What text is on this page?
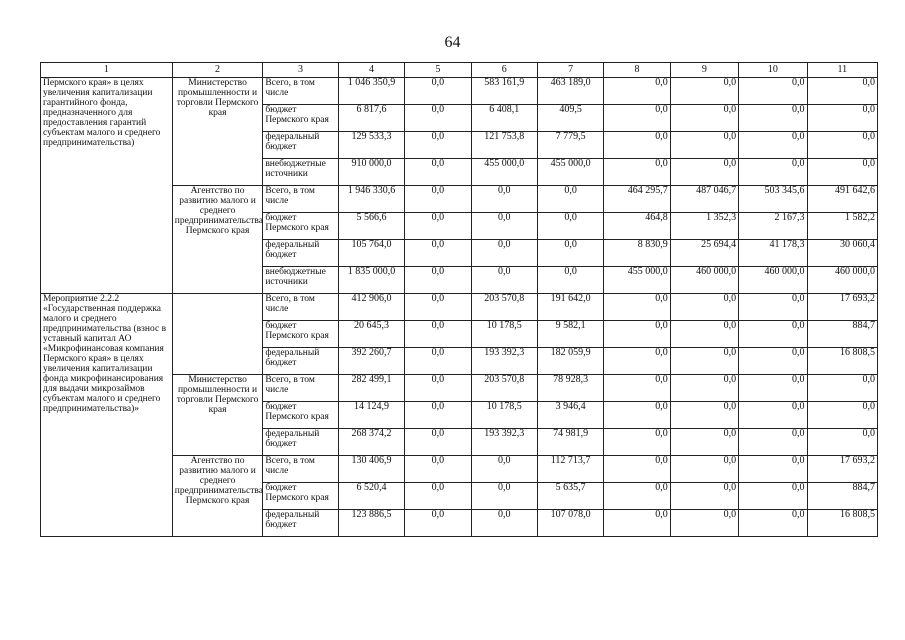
64
1	2	3	4	5	6	7	8	9	10	11
Пермского края» в целях увеличения капитализации гарантийного фонда, предназначенного для предоставления гарантий субъектам малого и среднего предпринимательства)	Министерство промышленности и торговли Пермского края	Всего, в том числе	1 046 350,9	0,0	583 161,9	463 189,0	0,0	0,0	0,0	0,0
		бюджет Пермского края	6 817,6	0,0	6 408,1	409,5	0,0	0,0	0,0	0,0
		федеральный бюджет	129 533,3	0,0	121 753,8	7 779,5	0,0	0,0	0,0	0,0
		внебюджетные источники	910 000,0	0,0	455 000,0	455 000,0	0,0	0,0	0,0	0,0
	Агентство по развитию малого и среднего предпринимательства Пермского края	Всего, в том числе	1 946 330,6	0,0	0,0	0,0	464 295,7	487 046,7	503 345,6	491 642,6
		бюджет Пермского края	5 566,6	0,0	0,0	0,0	464,8	1 352,3	2 167,3	1 582,2
		федеральный бюджет	105 764,0	0,0	0,0	0,0	8 830,9	25 694,4	41 178,3	30 060,4
		внебюджетные источники	1 835 000,0	0,0	0,0	0,0	455 000,0	460 000,0	460 000,0	460 000,0
Мероприятие 2.2.2 «Государственная поддержка малого и среднего предпринимательства (взнос в уставный капитал АО «Микрофинансовая компания Пермского края» в целях увеличения капитализации фонда микрофинансирования для выдачи микрозаймов субъектам малого и среднего предпринимательства)»		Всего, в том числе	412 906,0	0,0	203 570,8	191 642,0	0,0	0,0	0,0	17 693,2
		бюджет Пермского края	20 645,3	0,0	10 178,5	9 582,1	0,0	0,0	0,0	884,7
		федеральный бюджет	392 260,7	0,0	193 392,3	182 059,9	0,0	0,0	0,0	16 808,5
	Министерство промышленности и торговли Пермского края	Всего, в том числе	282 499,1	0,0	203 570,8	78 928,3	0,0	0,0	0,0	0,0
		бюджет Пермского края	14 124,9	0,0	10 178,5	3 946,4	0,0	0,0	0,0	0,0
		федеральный бюджет	268 374,2	0,0	193 392,3	74 981,9	0,0	0,0	0,0	0,0
	Агентство по развитию малого и среднего предпринимательства Пермского края	Всего, в том числе	130 406,9	0,0	0,0	112 713,7	0,0	0,0	0,0	17 693,2
		бюджет Пермского края	6 520,4	0,0	0,0	5 635,7	0,0	0,0	0,0	884,7
		федеральный бюджет	123 886,5	0,0	0,0	107 078,0	0,0	0,0	0,0	16 808,5
